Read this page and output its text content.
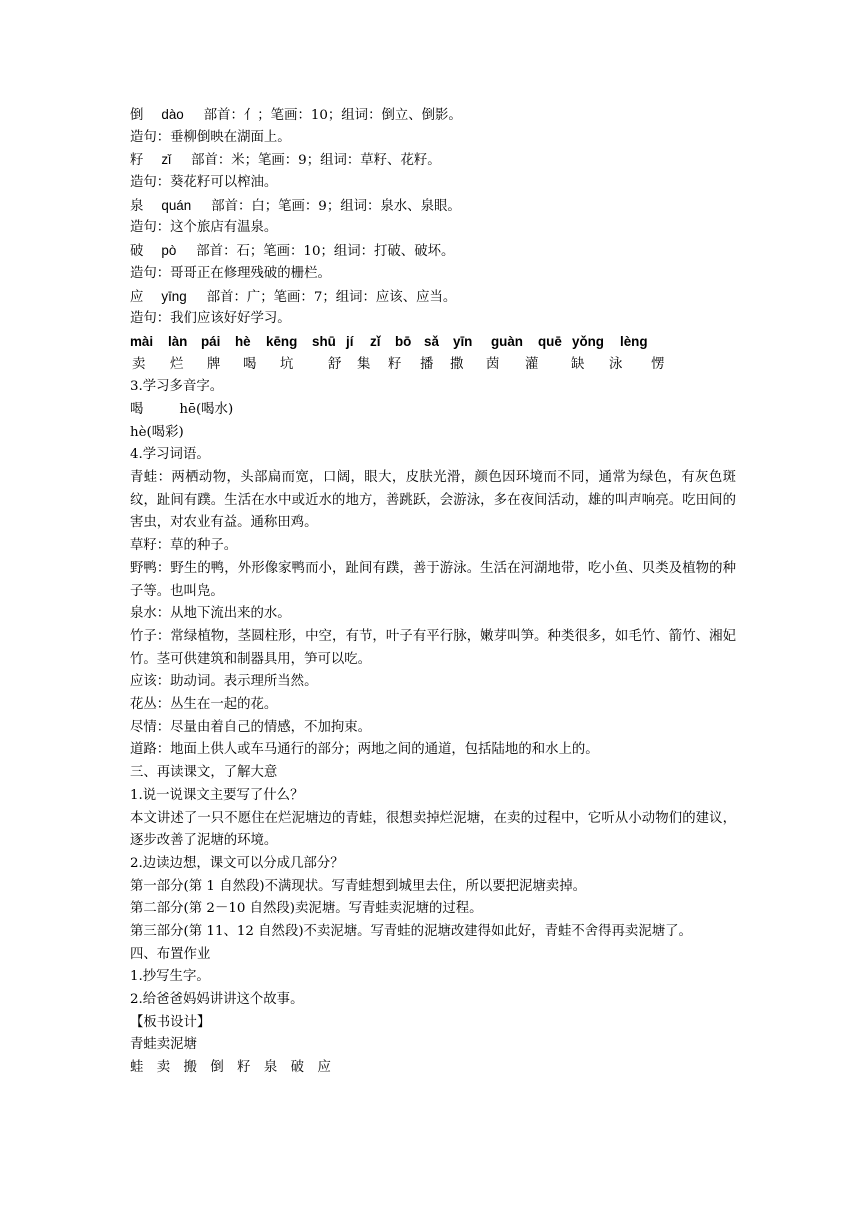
倒 dào 部首：亻；笔画：10；组词：倒立、倒影。
造句：垂柳倒映在湖面上。
籽 zǐ 部首：米；笔画：9；组词：草籽、花籽。
造句：葵花籽可以榨油。
泉 quán 部首：白；笔画：9；组词：泉水、泉眼。
造句：这个旅店有温泉。
破 pò 部首：石；笔画：10；组词：打破、破坏。
造句：哥哥正在修理残破的栅栏。
应 yīng 部首：广；笔画：7；组词：应该、应当。
造句：我们应该好好学习。
mài làn pái hè kēng shū jí zǐ bō sǎ yīn guàn quē yǒng lèng
卖 烂 牌 喝 坑	舒 集 籽 播 撒 茵 灌 缺 泳 愣
3.学习多音字。
喝	hē(喝水)
hè(喝彩)
4.学习词语。
青蛙：两栖动物，头部扁而宽，口阔，眼大，皮肤光滑，颜色因环境而不同，通常为绿色，有灰色斑纹，趾间有蹼。生活在水中或近水的地方，善跳跃，会游泳，多在夜间活动，雄的叫声响亮。吃田间的害虫，对农业有益。通称田鸡。
草籽：草的种子。
野鸭：野生的鸭，外形像家鸭而小，趾间有蹼，善于游泳。生活在河湖地带，吃小鱼、贝类及植物的种子等。也叫凫。
泉水：从地下流出来的水。
竹子：常绿植物，茎圆柱形，中空，有节，叶子有平行脉，嫩芽叫笋。种类很多，如毛竹、箭竹、湘妃竹。茎可供建筑和制器具用，笋可以吃。
应该：助动词。表示理所当然。
花丛：丛生在一起的花。
尽情：尽量由着自己的情感，不加拘束。
道路：地面上供人或车马通行的部分；两地之间的通道，包括陆地的和水上的。
三、再读课文，了解大意
1.说一说课文主要写了什么？
本文讲述了一只不愿住在烂泥塘边的青蛙，很想卖掉烂泥塘，在卖的过程中，它听从小动物们的建议，逐步改善了泥塘的环境。
2.边读边想，课文可以分成几部分？
第一部分(第 1 自然段)不满现状。写青蛙想到城里去住，所以要把泥塘卖掉。
第二部分(第 2－10 自然段)卖泥塘。写青蛙卖泥塘的过程。
第三部分(第 11、12 自然段)不卖泥塘。写青蛙的泥塘改建得如此好，青蛙不舍得再卖泥塘了。
四、布置作业
1.抄写生字。
2.给爸爸妈妈讲讲这个故事。
【板书设计】
青蛙卖泥塘
蛙　卖　搬　倒　籽　泉　破　应
